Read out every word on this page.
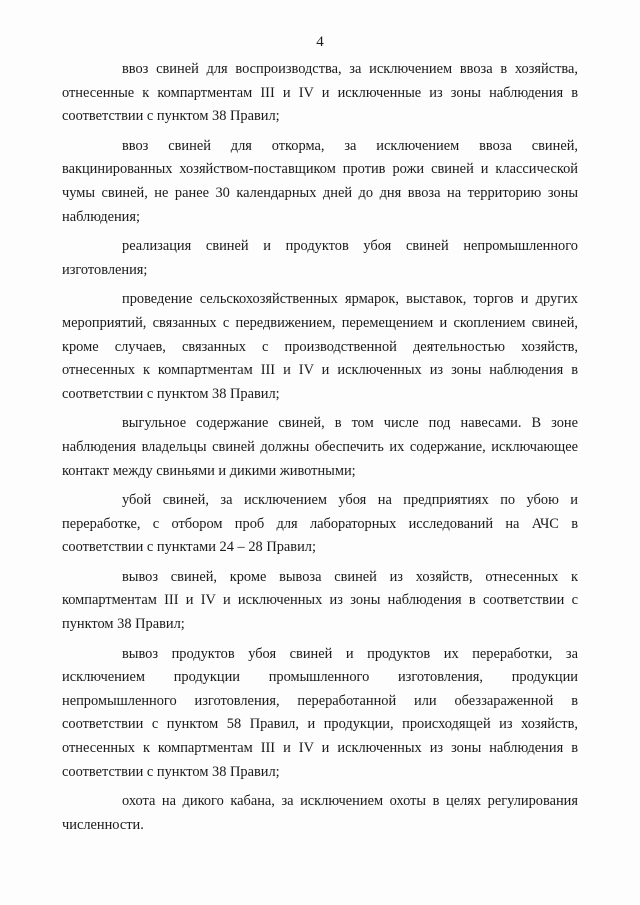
4

ввоз свиней для воспроизводства, за исключением ввоза в хозяйства, отнесенные к компартментам III и IV и исключенные из зоны наблюдения в соответствии с пунктом 38 Правил;

ввоз свиней для откорма, за исключением ввоза свиней, вакцинированных хозяйством-поставщиком против рожи свиней и классической чумы свиней, не ранее 30 календарных дней до дня ввоза на территорию зоны наблюдения;

реализация свиней и продуктов убоя свиней непромышленного изготовления;

проведение сельскохозяйственных ярмарок, выставок, торгов и других мероприятий, связанных с передвижением, перемещением и скоплением свиней, кроме случаев, связанных с производственной деятельностью хозяйств, отнесенных к компартментам III и IV и исключенных из зоны наблюдения в соответствии с пунктом 38 Правил;

выгульное содержание свиней, в том числе под навесами. В зоне наблюдения владельцы свиней должны обеспечить их содержание, исключающее контакт между свиньями и дикими животными;

убой свиней, за исключением убоя на предприятиях по убою и переработке, с отбором проб для лабораторных исследований на АЧС в соответствии с пунктами 24 – 28 Правил;

вывоз свиней, кроме вывоза свиней из хозяйств, отнесенных к компартментам III и IV и исключенных из зоны наблюдения в соответствии с пунктом 38 Правил;

вывоз продуктов убоя свиней и продуктов их переработки, за исключением продукции промышленного изготовления, продукции непромышленного изготовления, переработанной или обеззараженной в соответствии с пунктом 58 Правил, и продукции, происходящей из хозяйств, отнесенных к компартментам III и IV и исключенных из зоны наблюдения в соответствии с пунктом 38 Правил;

охота на дикого кабана, за исключением охоты в целях регулирования численности.
